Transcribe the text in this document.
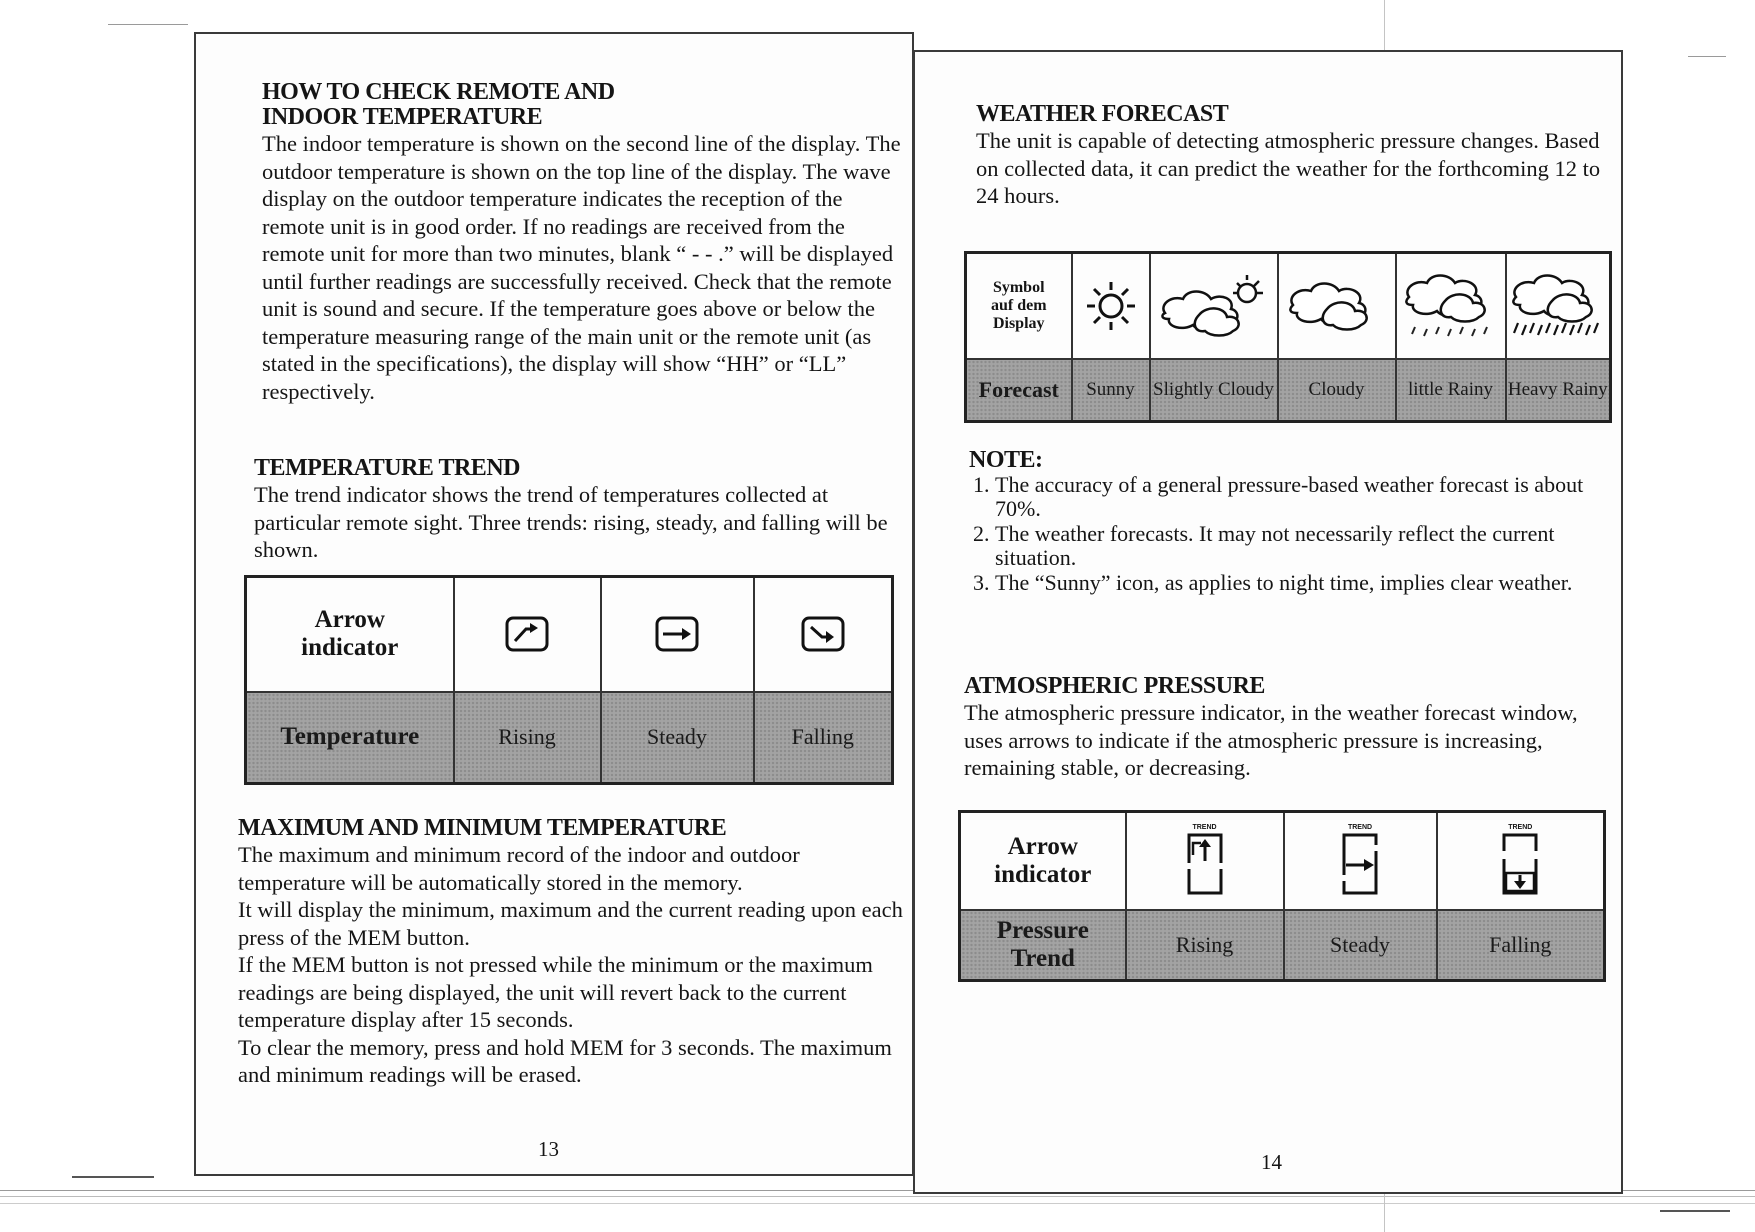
HOW TO CHECK REMOTE AND
INDOOR TEMPERATURE

The indoor temperature is shown on the second line of the display. The outdoor temperature is shown on the top line of the display. The wave display on the outdoor temperature indicates the reception of the remote unit is in good order. If no readings are received from the remote unit for more than two minutes, blank “ ‐ ‐ .” will be displayed until further readings are successfully received. Check that the remote unit is sound and secure. If the temperature goes above or below the temperature measuring range of the main unit or the remote unit (as stated in the specifications), the display will show “HH” or “LL” respectively.

TEMPERATURE TREND

The trend indicator shows the trend of temperatures collected at particular remote sight. Three trends: rising, steady, and falling will be shown.

Arrow
indicator	

Temperature	Rising	Steady	Falling
MAXIMUM AND MINIMUM TEMPERATURE

The maximum and minimum record of the indoor and outdoor temperature will be automatically stored in the memory.

It will display the minimum, maximum and the current reading upon each press of the MEM button.

If the MEM button is not pressed while the minimum or the maximum readings are being displayed, the unit will revert back to the current temperature display after 15 seconds.

To clear the memory, press and hold MEM for 3 seconds. The maximum and minimum readings will be erased.

13
WEATHER FORECAST

The unit is capable of detecting atmospheric pressure changes. Based on collected data, it can predict the weather for the forthcoming 12 to 24 hours.

Symbol
auf dem
Display	

Forecast	Sunny	Slightly Cloudy	Cloudy	little Rainy	Heavy Rainy
NOTE:
1. The accuracy of a general pressure-based weather forecast is about 70%.
2. The weather forecasts. It may not necessarily reflect the current situation.
3. The “Sunny” icon, as applies to night time, implies clear weather.
ATMOSPHERIC PRESSURE

The atmospheric pressure indicator, in the weather forecast window, uses arrows to indicate if the atmospheric pressure is increasing, remaining stable, or decreasing.

Arrow
indicator	TREND	TREND	TREND

Pressure
Trend	Rising	Steady	Falling
14
